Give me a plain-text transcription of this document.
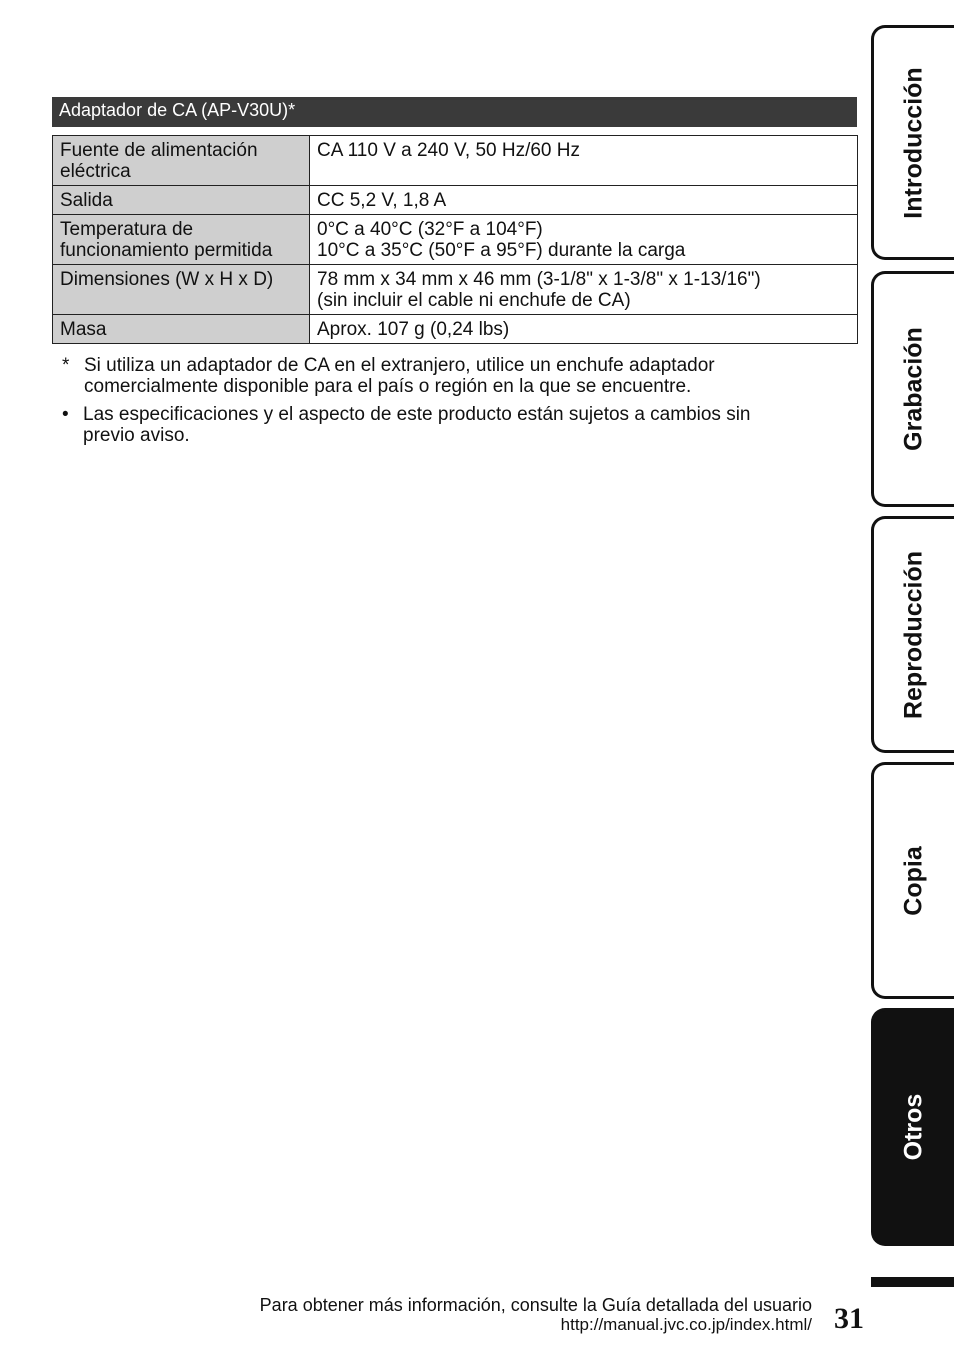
Adaptador de CA (AP-V30U)*
Fuente de alimentación
eléctrica	CA 110 V a 240 V, 50 Hz/60 Hz

Salida	CC 5,2 V, 1,8 A

Temperatura de
funcionamiento permitida	0°C a 40°C (32°F a 104°F)
10°C a 35°C (50°F a 95°F) durante la carga

Dimensiones (W x H x D)	78 mm x 34 mm x 46 mm (3-1/8" x 1-3/8" x 1-13/16")
(sin incluir el cable ni enchufe de CA)

Masa	Aprox. 107 g (0,24 lbs)
* Si utiliza un adaptador de CA en el extranjero, utilice un enchufe adaptador
comercialmente disponible para el país o región en la que se encuentre.
• Las especificaciones y el aspecto de este producto están sujetos a cambios sin
previo aviso.
Introducción
Grabación
Reproducción
Copia
Otros
Para obtener más información, consulte la Guía detallada del usuario
http://manual.jvc.co.jp/index.html/ 31
